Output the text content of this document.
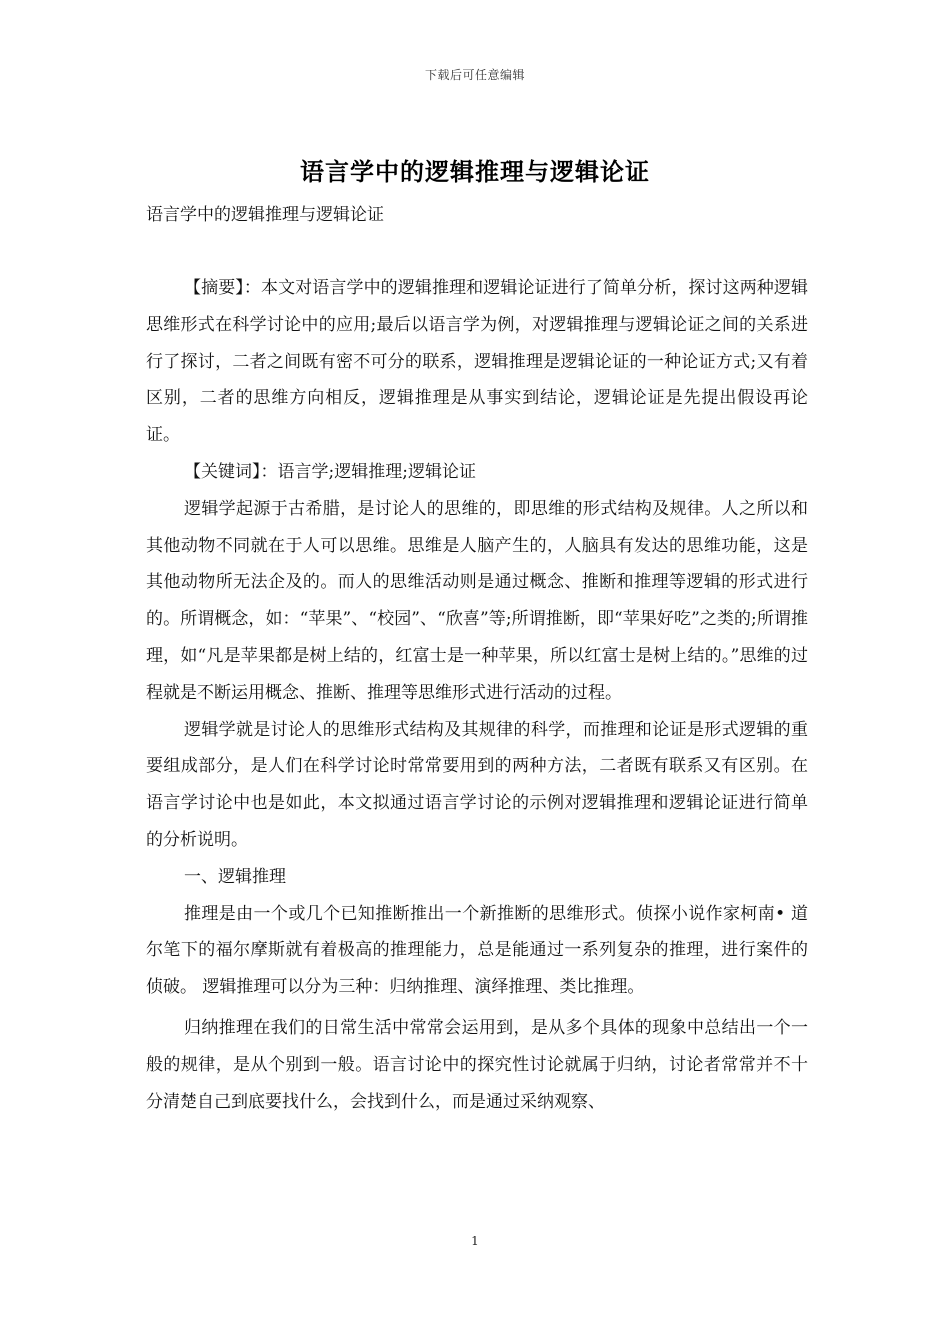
下载后可任意编辑
语言学中的逻辑推理与逻辑论证

语言学中的逻辑推理与逻辑论证

【摘要】：本文对语言学中的逻辑推理和逻辑论证进行了简单分析，探讨这两种逻辑思维形式在科学讨论中的应用;最后以语言学为例，对逻辑推理与逻辑论证之间的关系进行了探讨，二者之间既有密不可分的联系，逻辑推理是逻辑论证的一种论证方式;又有着区别，二者的思维方向相反，逻辑推理是从事实到结论，逻辑论证是先提出假设再论证。

【关键词】：语言学;逻辑推理;逻辑论证

逻辑学起源于古希腊，是讨论人的思维的，即思维的形式结构及规律。人之所以和其他动物不同就在于人可以思维。思维是人脑产生的，人脑具有发达的思维功能，这是其他动物所无法企及的。而人的思维活动则是通过概念、推断和推理等逻辑的形式进行的。所谓概念，如：“苹果”、“校园”、“欣喜”等;所谓推断，即“苹果好吃”之类的;所谓推理，如“凡是苹果都是树上结的，红富士是一种苹果，所以红富士是树上结的。”思维的过程就是不断运用概念、推断、推理等思维形式进行活动的过程。

逻辑学就是讨论人的思维形式结构及其规律的科学，而推理和论证是形式逻辑的重要组成部分，是人们在科学讨论时常常要用到的两种方法，二者既有联系又有区别。在语言学讨论中也是如此，本文拟通过语言学讨论的示例对逻辑推理和逻辑论证进行简单的分析说明。

一、逻辑推理

推理是由一个或几个已知推断推出一个新推断的思维形式。侦探小说作家柯南• 道尔笔下的福尔摩斯就有着极高的推理能力，总是能通过一系列复杂的推理，进行案件的侦破。 逻辑推理可以分为三种：归纳推理、演绎推理、类比推理。

归纳推理在我们的日常生活中常常会运用到，是从多个具体的现象中总结出一个一般的规律，是从个别到一般。语言讨论中的探究性讨论就属于归纳，讨论者常常并不十分清楚自己到底要找什么，会找到什么，而是通过采纳观察、

1
